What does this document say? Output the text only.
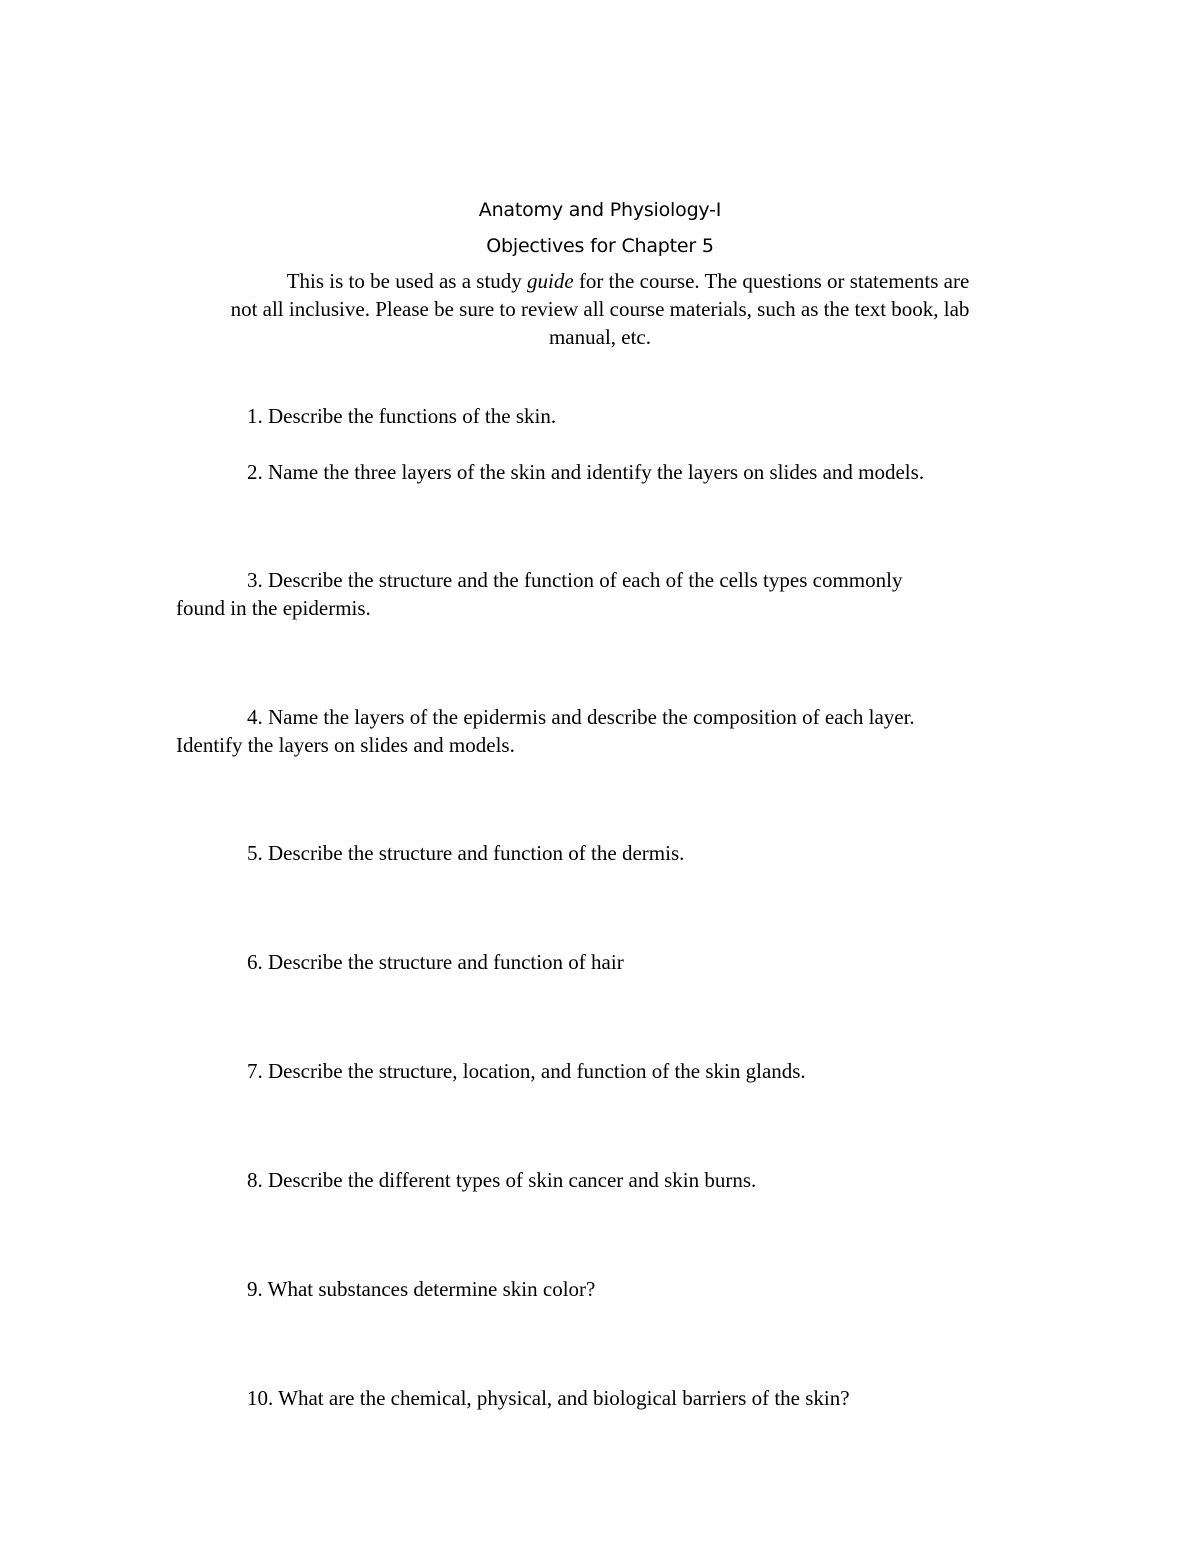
Anatomy and Physiology-I
Objectives for Chapter 5
This is to be used as a study guide for the course. The questions or statements are
not all inclusive. Please be sure to review all course materials, such as the text book, lab
manual, etc.
1. Describe the functions of the skin.
2. Name the three layers of the skin and identify the layers on slides and models.
3. Describe the structure and the function of each of the cells types commonly
found in the epidermis.
4. Name the layers of the epidermis and describe the composition of each layer.
Identify the layers on slides and models.
5. Describe the structure and function of the dermis.
6. Describe the structure and function of hair
7. Describe the structure, location, and function of the skin glands.
8. Describe the different types of skin cancer and skin burns.
9. What substances determine skin color?
10. What are the chemical, physical, and biological barriers of the skin?
